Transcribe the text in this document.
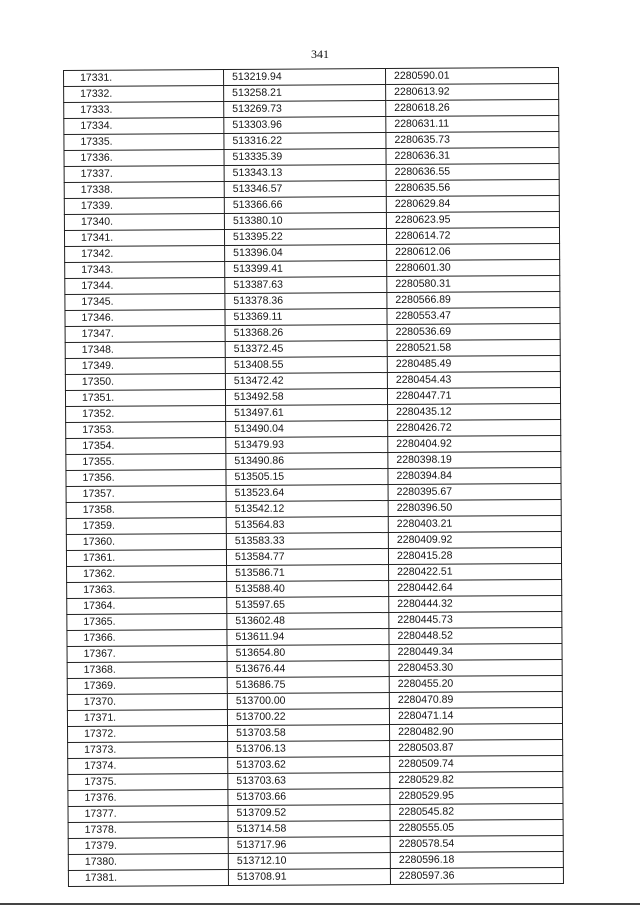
341
17331.	513219.94	2280590.01
17332.	513258.21	2280613.92
17333.	513269.73	2280618.26
17334.	513303.96	2280631.11
17335.	513316.22	2280635.73
17336.	513335.39	2280636.31
17337.	513343.13	2280636.55
17338.	513346.57	2280635.56
17339.	513366.66	2280629.84
17340.	513380.10	2280623.95
17341.	513395.22	2280614.72
17342.	513396.04	2280612.06
17343.	513399.41	2280601.30
17344.	513387.63	2280580.31
17345.	513378.36	2280566.89
17346.	513369.11	2280553.47
17347.	513368.26	2280536.69
17348.	513372.45	2280521.58
17349.	513408.55	2280485.49
17350.	513472.42	2280454.43
17351.	513492.58	2280447.71
17352.	513497.61	2280435.12
17353.	513490.04	2280426.72
17354.	513479.93	2280404.92
17355.	513490.86	2280398.19
17356.	513505.15	2280394.84
17357.	513523.64	2280395.67
17358.	513542.12	2280396.50
17359.	513564.83	2280403.21
17360.	513583.33	2280409.92
17361.	513584.77	2280415.28
17362.	513586.71	2280422.51
17363.	513588.40	2280442.64
17364.	513597.65	2280444.32
17365.	513602.48	2280445.73
17366.	513611.94	2280448.52
17367.	513654.80	2280449.34
17368.	513676.44	2280453.30
17369.	513686.75	2280455.20
17370.	513700.00	2280470.89
17371.	513700.22	2280471.14
17372.	513703.58	2280482.90
17373.	513706.13	2280503.87
17374.	513703.62	2280509.74
17375.	513703.63	2280529.82
17376.	513703.66	2280529.95
17377.	513709.52	2280545.82
17378.	513714.58	2280555.05
17379.	513717.96	2280578.54
17380.	513712.10	2280596.18
17381.	513708.91	2280597.36
